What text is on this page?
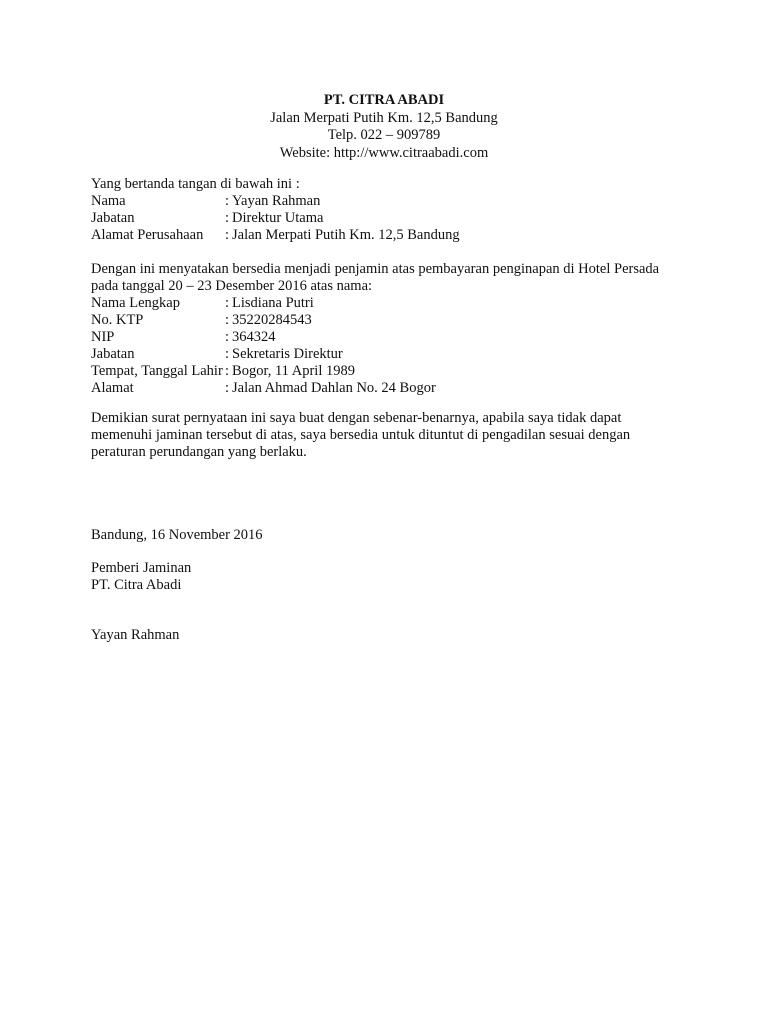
PT. CITRA ABADI
Jalan Merpati Putih Km. 12,5 Bandung
Telp. 022 – 909789
Website: http://www.citraabadi.com
Yang bertanda tangan di bawah ini :
Nama	: Yayan Rahman
Jabatan	: Direktur Utama
Alamat Perusahaan	: Jalan Merpati Putih Km. 12,5 Bandung
Dengan ini menyatakan bersedia menjadi penjamin atas pembayaran penginapan di Hotel Persada
pada tanggal 20 – 23 Desember 2016 atas nama:
Nama Lengkap	: Lisdiana Putri
No. KTP	: 35220284543
NIP	: 364324
Jabatan	: Sekretaris Direktur
Tempat, Tanggal Lahir : Bogor, 11 April 1989
Alamat	: Jalan Ahmad Dahlan No. 24 Bogor
Demikian surat pernyataan ini saya buat dengan sebenar-benarnya, apabila saya tidak dapat
memenuhi jaminan tersebut di atas, saya bersedia untuk dituntut di pengadilan sesuai dengan
peraturan perundangan yang berlaku.
Bandung, 16 November 2016
Pemberi Jaminan
PT. Citra Abadi
Yayan Rahman
